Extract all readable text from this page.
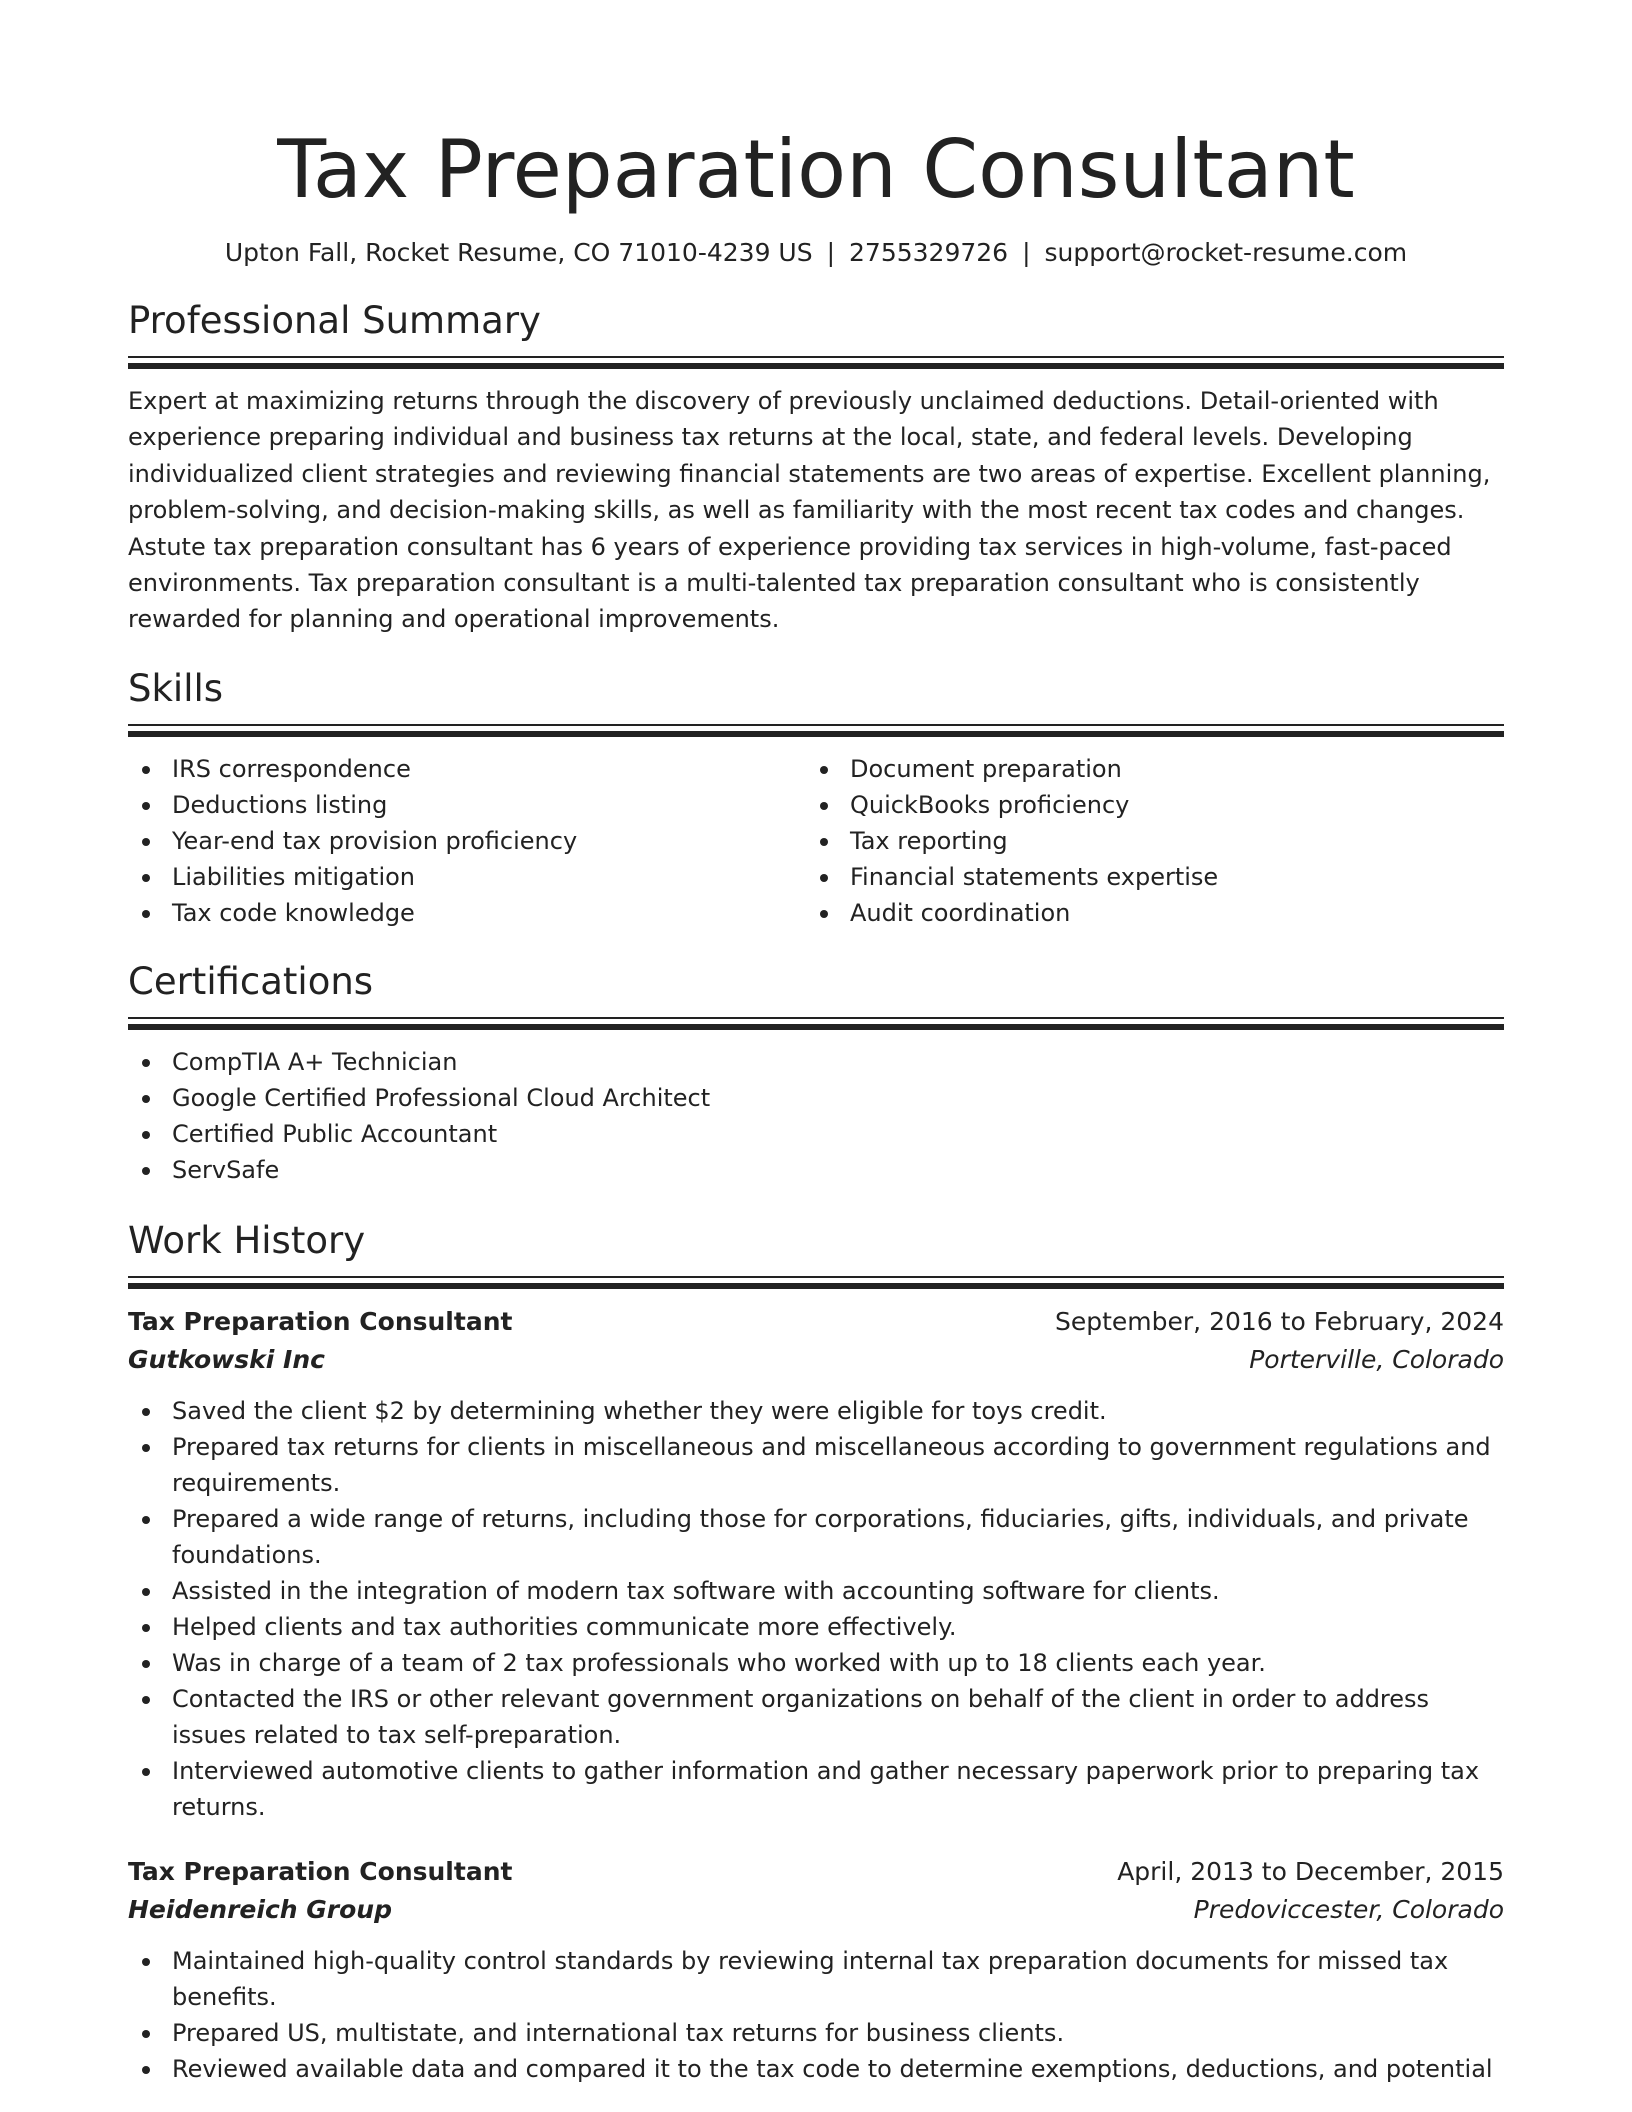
Tax Preparation Consultant
Upton Fall, Rocket Resume, CO 71010-4239 US | 2755329726 | support@rocket-resume.com
Professional Summary

Expert at maximizing returns through the discovery of previously unclaimed deductions. Detail-oriented with experience preparing individual and business tax returns at the local, state, and federal levels. Developing individualized client strategies and reviewing financial statements are two areas of expertise. Excellent planning, problem-solving, and decision-making skills, as well as familiarity with the most recent tax codes and changes. Astute tax preparation consultant has 6 years of experience providing tax services in high-volume, fast-paced environments. Tax preparation consultant is a multi-talented tax preparation consultant who is consistently rewarded for planning and operational improvements.

Skills
IRS correspondence
Deductions listing
Year-end tax provision proficiency
Liabilities mitigation
Tax code knowledge
Document preparation
QuickBooks proficiency
Tax reporting
Financial statements expertise
Audit coordination
Certifications
CompTIA A+ Technician
Google Certified Professional Cloud Architect
Certified Public Accountant
ServSafe
Work History
Tax Preparation Consultant	September, 2016 to February, 2024
Gutkowski Inc	Porterville, Colorado
Saved the client $2 by determining whether they were eligible for toys credit.
Prepared tax returns for clients in miscellaneous and miscellaneous according to government regulations and requirements.
Prepared a wide range of returns, including those for corporations, fiduciaries, gifts, individuals, and private foundations.
Assisted in the integration of modern tax software with accounting software for clients.
Helped clients and tax authorities communicate more effectively.
Was in charge of a team of 2 tax professionals who worked with up to 18 clients each year.
Contacted the IRS or other relevant government organizations on behalf of the client in order to address issues related to tax self-preparation.
Interviewed automotive clients to gather information and gather necessary paperwork prior to preparing tax returns.
Tax Preparation Consultant	April, 2013 to December, 2015
Heidenreich Group	Predoviccester, Colorado
Maintained high-quality control standards by reviewing internal tax preparation documents for missed tax benefits.
Prepared US, multistate, and international tax returns for business clients.
Reviewed available data and compared it to the tax code to determine exemptions, deductions, and potential
